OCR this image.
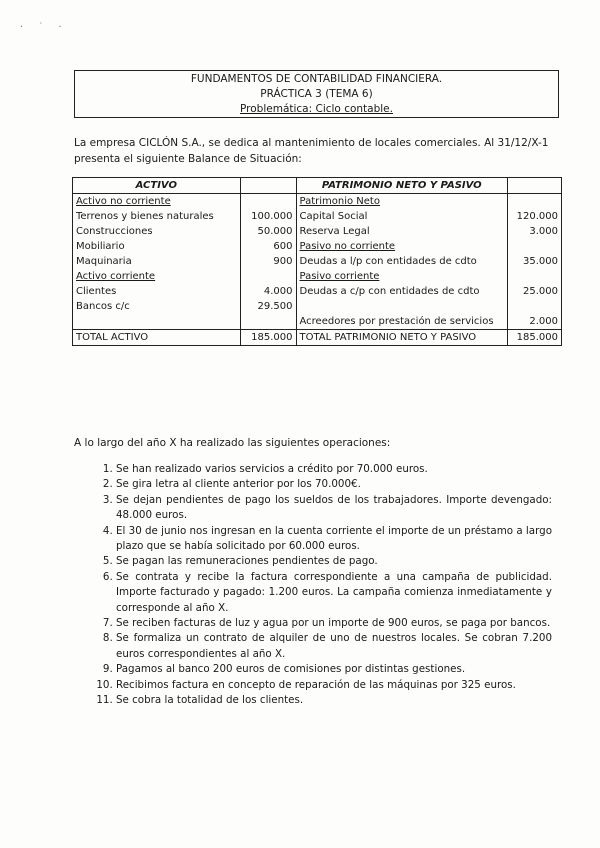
· ˙ ·
FUNDAMENTOS DE CONTABILIDAD FINANCIERA.
PRÁCTICA 3 (TEMA 6)
Problemática: Ciclo contable.
La empresa CICLÓN S.A., se dedica al mantenimiento de locales comerciales. Al 31/12/X-1 presenta el siguiente Balance de Situación:
ACTIVO		PATRIMONIO NETO Y PASIVO	
Activo no corriente		Patrimonio Neto	
Terrenos y bienes naturales	100.000	Capital Social	120.000
Construcciones	50.000	Reserva Legal	3.000
Mobiliario	600	Pasivo no corriente	
Maquinaria	900	Deudas a l/p con entidades de cdto	35.000
Activo corriente		Pasivo corriente	
Clientes	4.000	Deudas a c/p con entidades de cdto	25.000
Bancos c/c	29.500		
		Acreedores por prestación de servicios	2.000
TOTAL ACTIVO	185.000	TOTAL PATRIMONIO NETO Y PASIVO	185.000
A lo largo del año X ha realizado las siguientes operaciones:
1. Se han realizado varios servicios a crédito por 70.000 euros.
2. Se gira letra al cliente anterior por los 70.000€.
3. Se dejan pendientes de pago los sueldos de los trabajadores. Importe devengado: 48.000 euros.
4. El 30 de junio nos ingresan en la cuenta corriente el importe de un préstamo a largo plazo que se había solicitado por 60.000 euros.
5. Se pagan las remuneraciones pendientes de pago.
6. Se contrata y recibe la factura correspondiente a una campaña de publicidad. Importe facturado y pagado: 1.200 euros. La campaña comienza inmediatamente y corresponde al año X.
7. Se reciben facturas de luz y agua por un importe de 900 euros, se paga por bancos.
8. Se formaliza un contrato de alquiler de uno de nuestros locales. Se cobran 7.200 euros correspondientes al año X.
9. Pagamos al banco 200 euros de comisiones por distintas gestiones.
10. Recibimos factura en concepto de reparación de las máquinas por 325 euros.
11. Se cobra la totalidad de los clientes.
